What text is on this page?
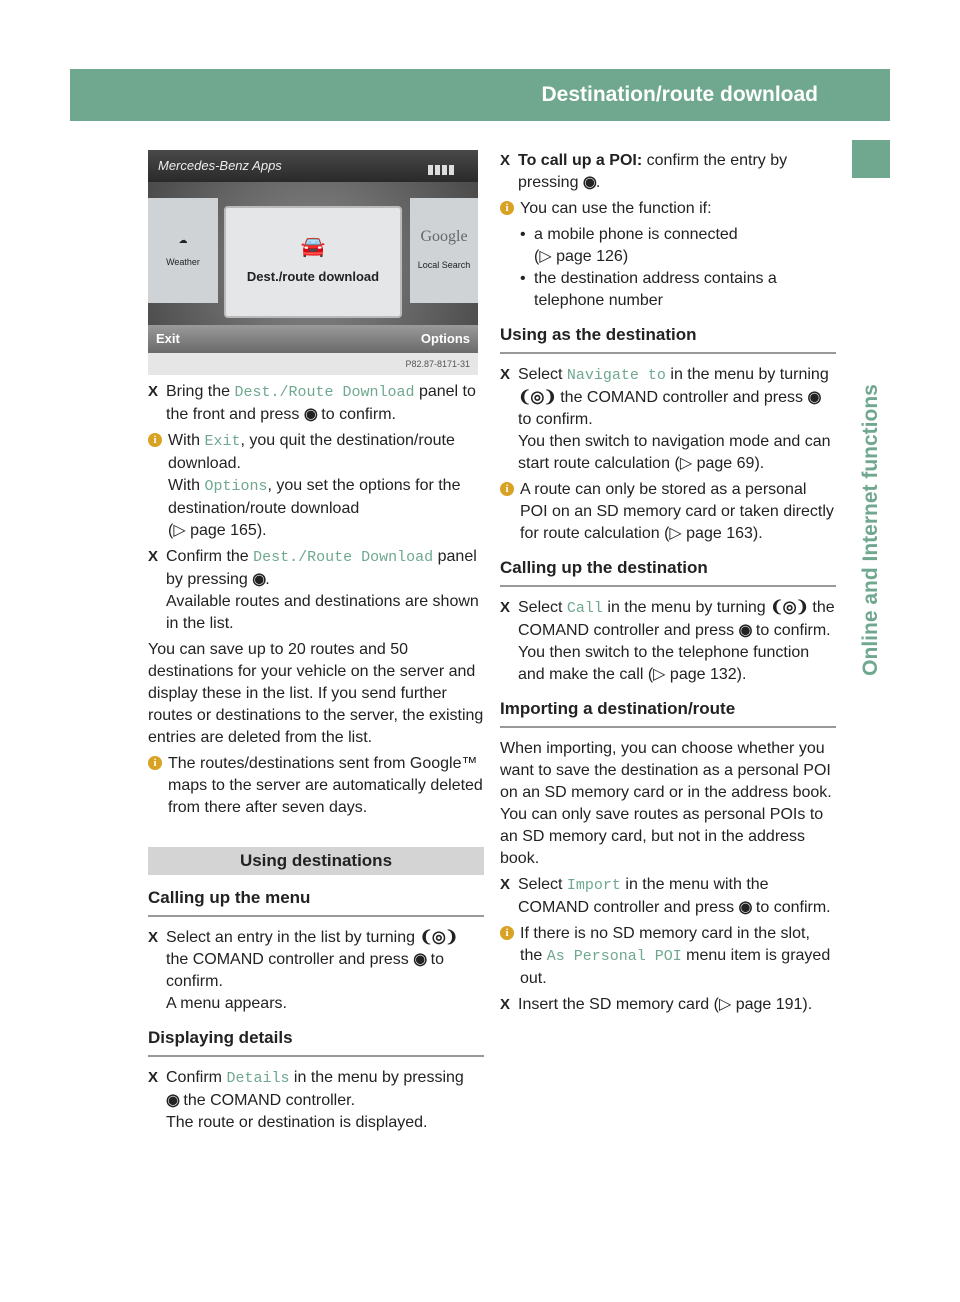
Destination/route download	163
Online and Internet functions
Mercedes-Benz Apps
☁
Weather
Google
Local Search
🚘
Dest./route download
Exit	Options
P82.87-8171-31
X Bring the Dest./Route Download panel to the front and press ◉ to confirm.
i With Exit, you quit the destination/route download.

With Options, you set the options for the destination/route download

(▷ page 165).

X Confirm the Dest./Route Download panel by pressing ◉.
Available routes and destinations are shown in the list.

You can save up to 20 routes and 50 destinations for your vehicle on the server and display these in the list. If you send further routes or destinations to the server, the existing entries are deleted from the list.

i The routes/destinations sent from Google™ maps to the server are automatically deleted from there after seven days.

Using destinations
Calling up the menu
X Select an entry in the list by turning ❨◎❩
the COMAND controller and press ◉ to confirm.
A menu appears.
Displaying details
X Confirm Details in the menu by pressing
◉ the COMAND controller.
The route or destination is displayed.
X To call up a POI: confirm the entry by pressing ◉.
i You can use the function if:

• a mobile phone is connected
(▷ page 126)
• the destination address contains a telephone number
Using as the destination
X Select Navigate to in the menu by turning ❨◎❩ the COMAND controller and press ◉ to confirm.
You then switch to navigation mode and can start route calculation (▷ page 69).
i A route can only be stored as a personal POI on an SD memory card or taken directly for route calculation (▷ page 163).

Calling up the destination
X Select Call in the menu by turning ❨◎❩ the COMAND controller and press ◉ to confirm.
You then switch to the telephone function and make the call (▷ page 132).
Importing a destination/route

When importing, you can choose whether you want to save the destination as a personal POI on an SD memory card or in the address book. You can only save routes as personal POIs to an SD memory card, but not in the address book.

X Select Import in the menu with the COMAND controller and press ◉ to confirm.
i If there is no SD memory card in the slot, the As Personal POI menu item is grayed out.

X Insert the SD memory card (▷ page 191).
